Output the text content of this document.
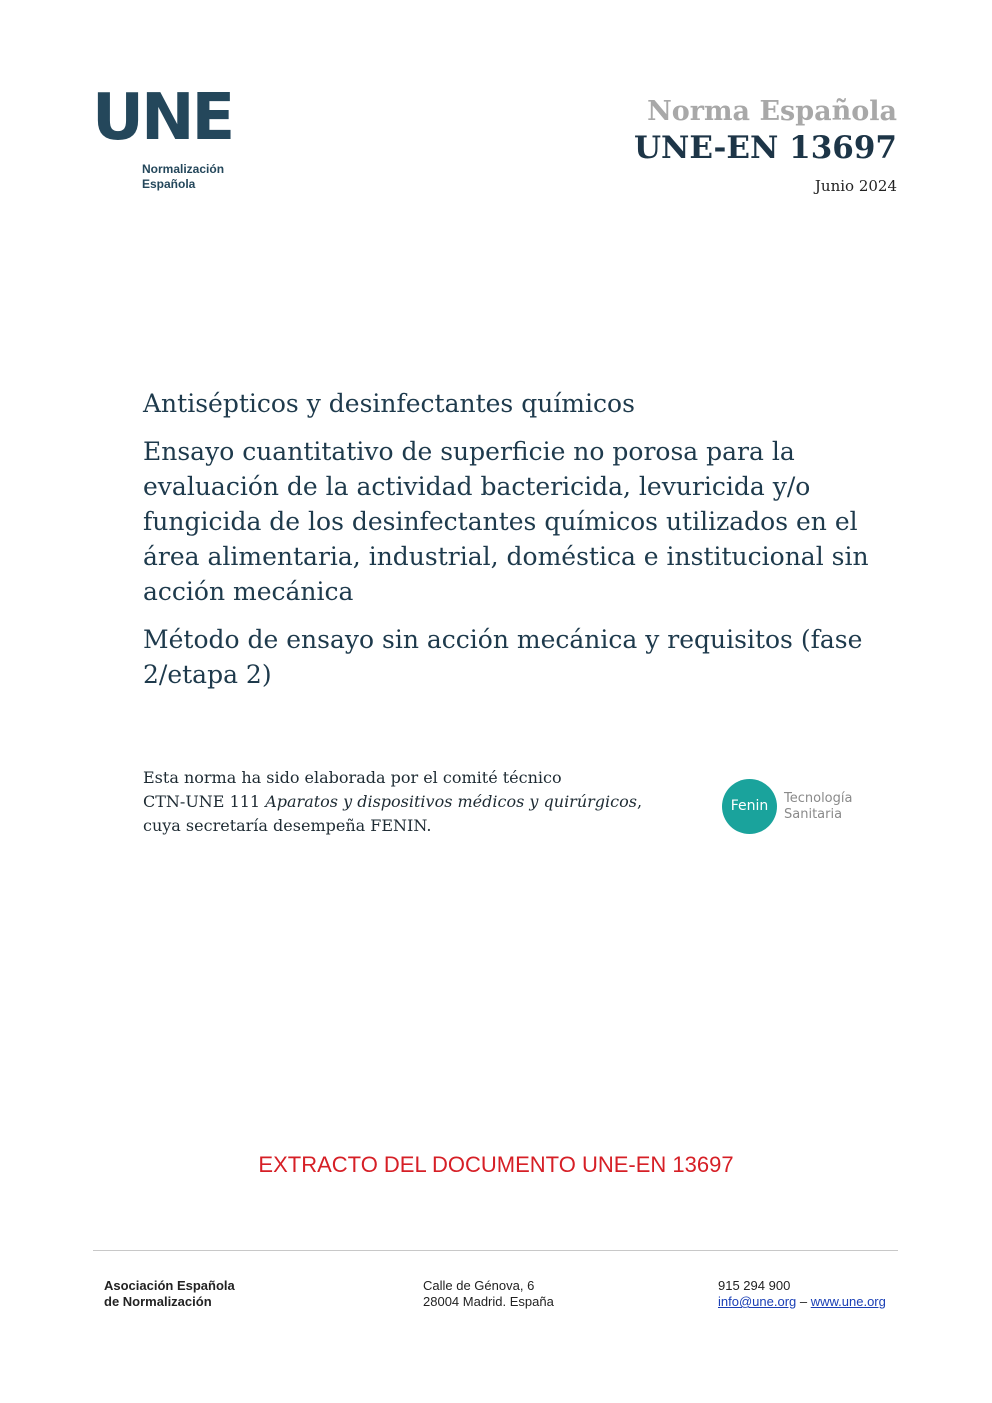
UNE
Normalización
Española
Norma Española
UNE-EN 13697
Junio 2024

Antisépticos y desinfectantes químicos

Ensayo cuantitativo de superficie no porosa para la evaluación de la actividad bactericida, levuricida y/o fungicida de los desinfectantes químicos utilizados en el área alimentaria, industrial, doméstica e institucional sin acción mecánica

Método de ensayo sin acción mecánica y requisitos (fase 2/etapa 2)

Esta norma ha sido elaborada por el comité técnico
CTN-UNE 111 Aparatos y dispositivos médicos y quirúrgicos,
cuya secretaría desempeña FENIN.
Fenin	Tecnología
Sanitaria
EXTRACTO DEL DOCUMENTO UNE-EN 13697
Asociación Española
de Normalización
Calle de Génova, 6
28004 Madrid. España
915 294 900
info@une.org – www.une.org
